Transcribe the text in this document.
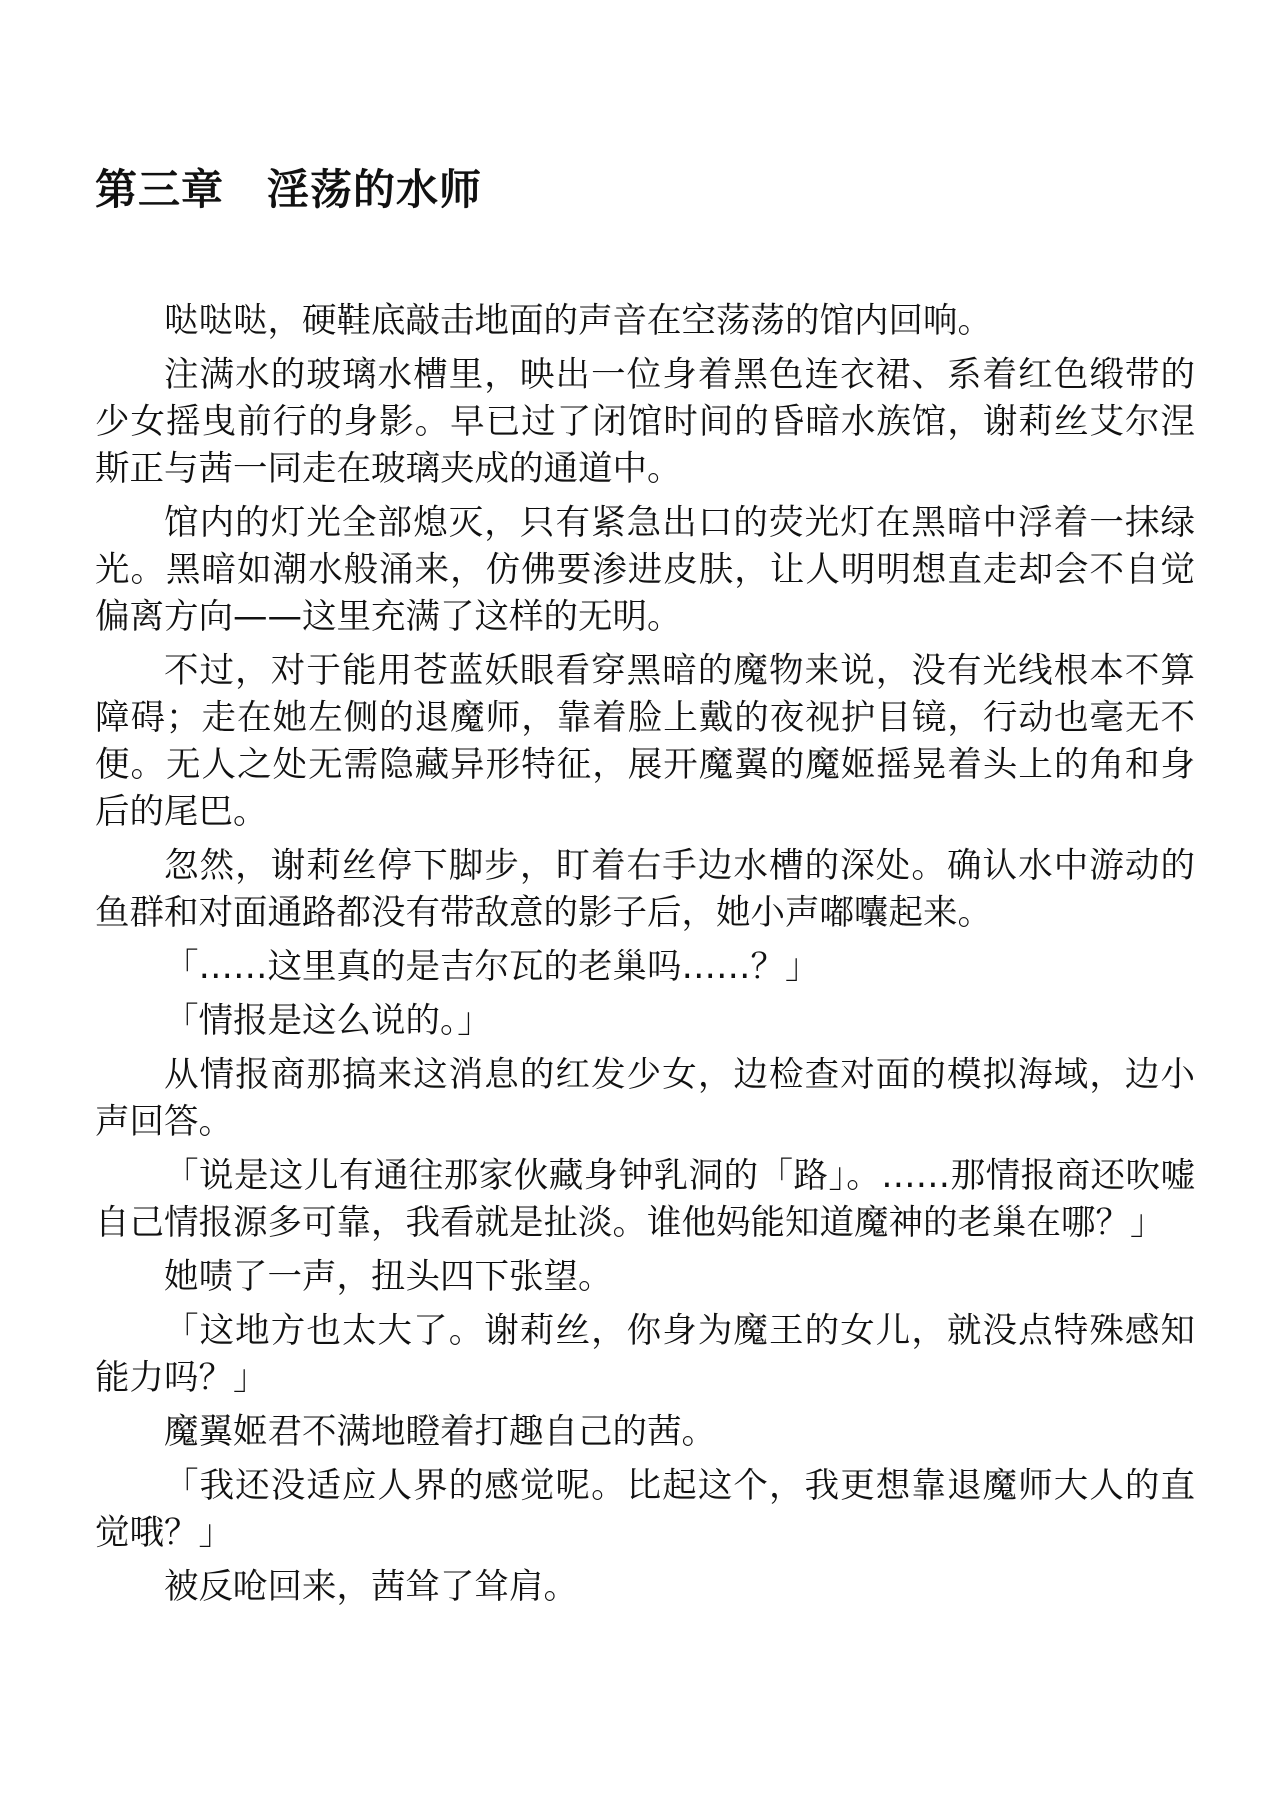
第三章　淫荡的水师

哒哒哒，硬鞋底敲击地面的声音在空荡荡的馆内回响。

注满水的玻璃水槽里，映出一位身着黑色连衣裙、系着红色缎带的少女摇曳前行的身影。早已过了闭馆时间的昏暗水族馆，谢莉丝艾尔涅斯正与茜一同走在玻璃夹成的通道中。

馆内的灯光全部熄灭，只有紧急出口的荧光灯在黑暗中浮着一抹绿光。黑暗如潮水般涌来，仿佛要渗进皮肤，让人明明想直走却会不自觉偏离方向——这里充满了这样的无明。

不过，对于能用苍蓝妖眼看穿黑暗的魔物来说，没有光线根本不算障碍；走在她左侧的退魔师，靠着脸上戴的夜视护目镜，行动也毫无不便。无人之处无需隐藏异形特征，展开魔翼的魔姬摇晃着头上的角和身后的尾巴。

忽然，谢莉丝停下脚步，盯着右手边水槽的深处。确认水中游动的鱼群和对面通路都没有带敌意的影子后，她小声嘟囔起来。

「……这里真的是吉尔瓦的老巢吗……？」

「情报是这么说的。」

从情报商那搞来这消息的红发少女，边检查对面的模拟海域，边小声回答。

「说是这儿有通往那家伙藏身钟乳洞的「路」。……那情报商还吹嘘自己情报源多可靠，我看就是扯淡。谁他妈能知道魔神的老巢在哪？」

她啧了一声，扭头四下张望。

「这地方也太大了。谢莉丝，你身为魔王的女儿，就没点特殊感知能力吗？」

魔翼姬君不满地瞪着打趣自己的茜。

「我还没适应人界的感觉呢。比起这个，我更想靠退魔师大人的直觉哦？」

被反呛回来，茜耸了耸肩。
